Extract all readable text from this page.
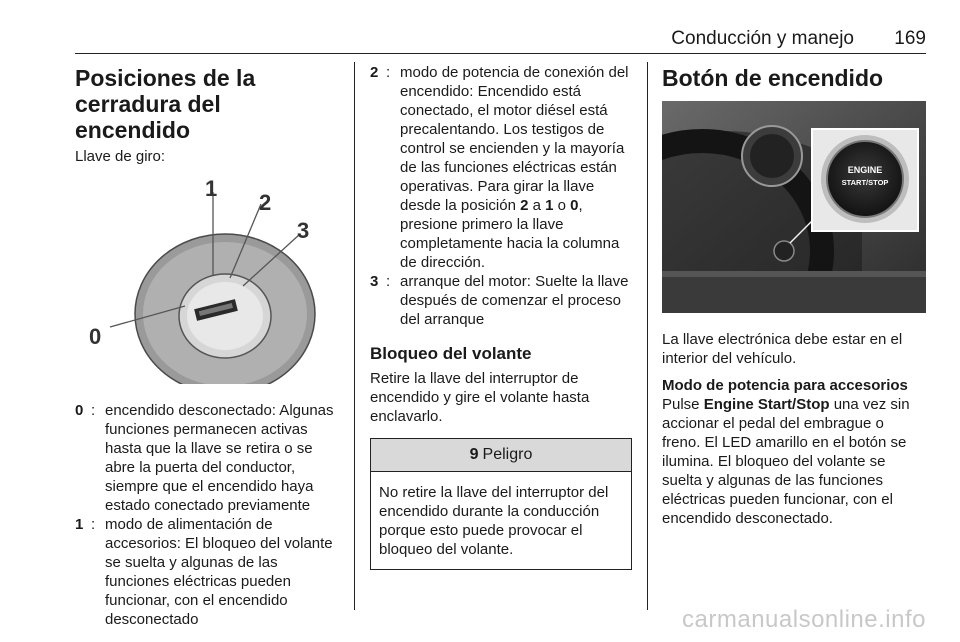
Conducción y manejo 169
Posiciones de la cerradura del encendido

Llave de giro:

1
2
3
0
0 : encendido desconectado: Algunas funciones permanecen activas hasta que la llave se retira o se abre la puerta del conductor, siempre que el encendido haya estado conectado previamente
1 : modo de alimentación de accesorios: El bloqueo del volante se suelta y algunas de las funciones eléctricas pueden funcionar, con el encendido desconectado
2 : modo de potencia de conexión del encendido: Encendido está conectado, el motor diésel está precalentando. Los testigos de control se encienden y la mayoría de las funciones eléctricas están operativas. Para girar la llave desde la posición 2 a 1 o 0, presione primero la llave completamente hacia la columna de dirección.
3 : arranque del motor: Suelte la llave después de comenzar el proceso del arranque
Bloqueo del volante

Retire la llave del interruptor de encendido y gire el volante hasta enclavarlo.

9 Peligro
No retire la llave del interruptor del encendido durante la conducción porque esto puede provocar el bloqueo del volante.
Botón de encendido
ENGINE
START/STOP

La llave electrónica debe estar en el interior del vehículo.

Modo de potencia para accesorios

Pulse Engine Start/Stop una vez sin accionar el pedal del embrague o freno. El LED amarillo en el botón se ilumina. El bloqueo del volante se suelta y algunas de las funciones eléctricas pueden funcionar, con el encendido desconectado.

carmanualsonline.info
